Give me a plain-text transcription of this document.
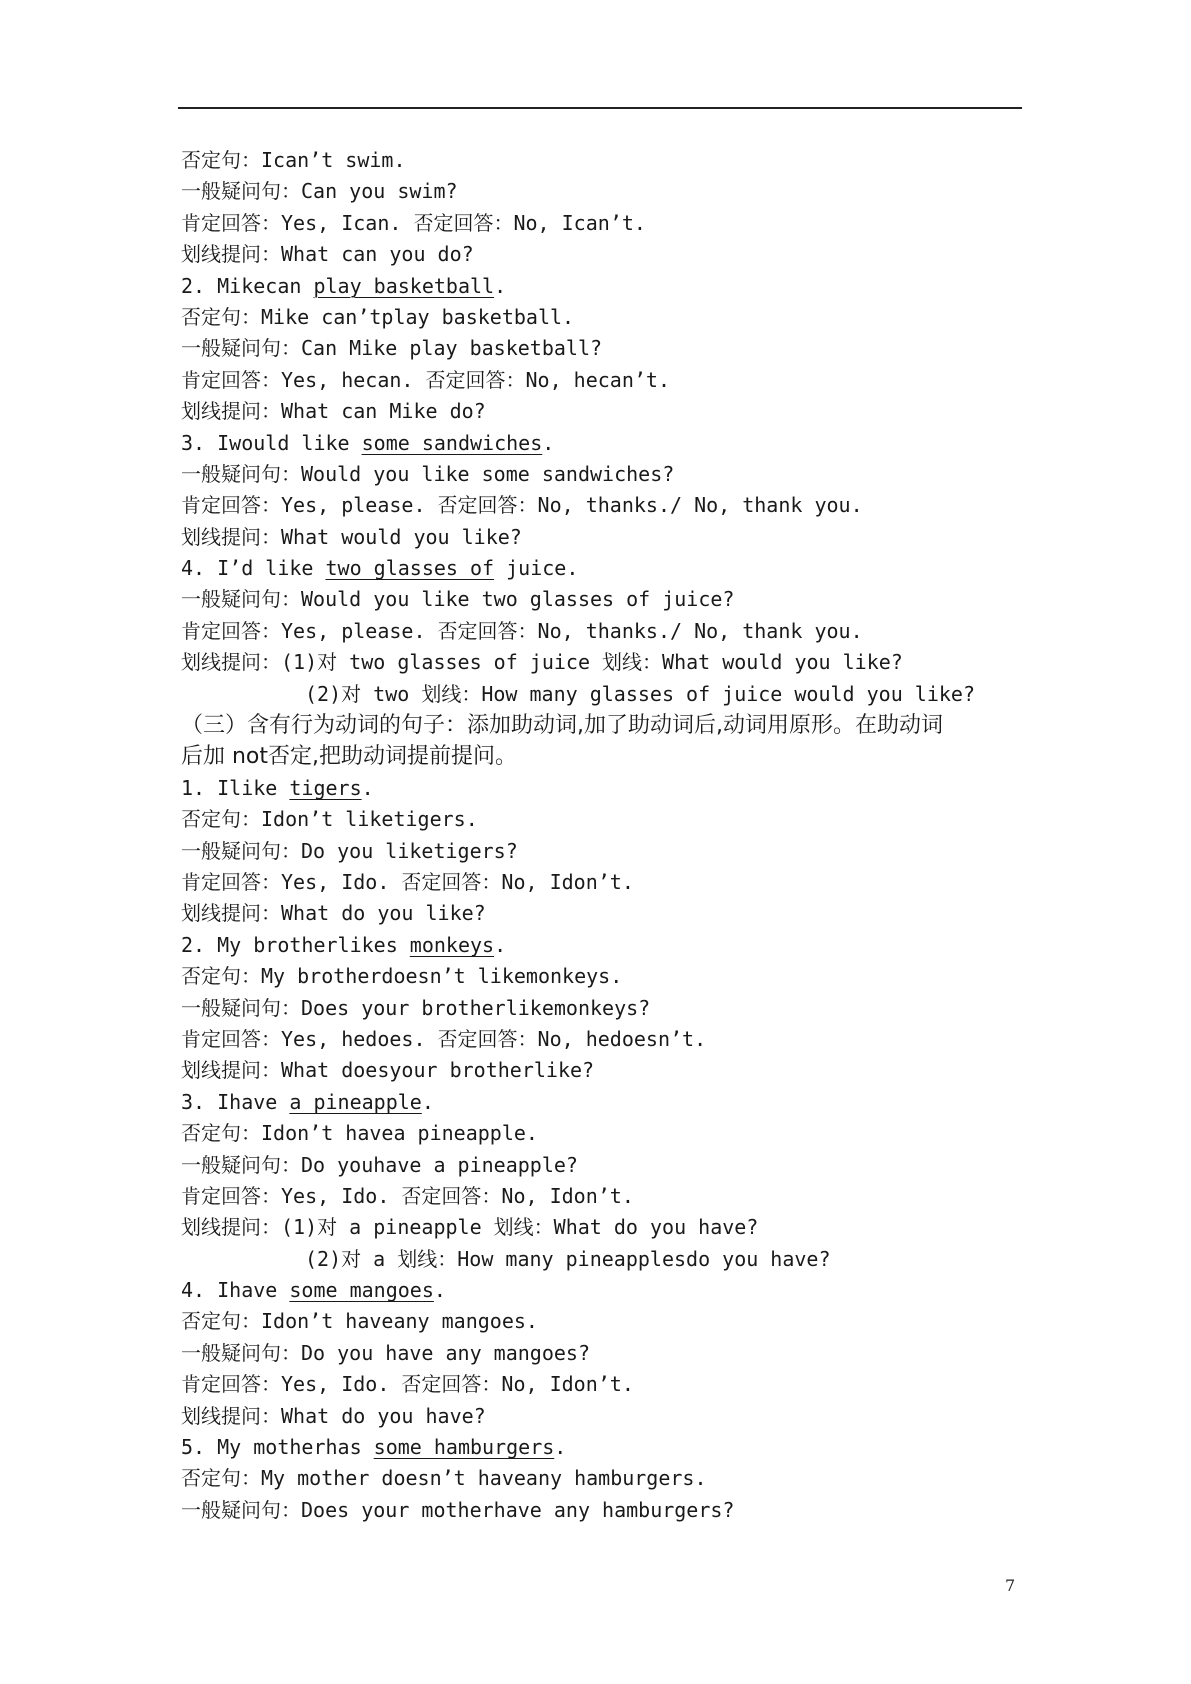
否定句：Ican’t swim.
一般疑问句：Can you swim?
肯定回答：Yes, Ican. 否定回答：No, Ican’t.
划线提问：What can you do?
2. Mikecan play basketball.
否定句：Mike can’tplay basketball.
一般疑问句：Can Mike play basketball?
肯定回答：Yes, hecan. 否定回答：No, hecan’t.
划线提问：What can Mike do?
3. Iwould like some sandwiches.
一般疑问句：Would you like some sandwiches?
肯定回答：Yes, please. 否定回答：No, thanks./ No, thank you.
划线提问：What would you like?
4. I’d like two glasses of juice.
一般疑问句：Would you like two glasses of juice?
肯定回答：Yes, please. 否定回答：No, thanks./ No, thank you.
划线提问：(1)对 two glasses of juice 划线：What would you like?
(2)对 two 划线：How many glasses of juice would you like?
（三）含有行为动词的句子：添加助动词,加了助动词后,动词用原形。在助动词
后加 not否定,把助动词提前提问。
1. Ilike tigers.
否定句：Idon’t liketigers.
一般疑问句：Do you liketigers?
肯定回答：Yes, Ido. 否定回答：No, Idon’t.
划线提问：What do you like?
2. My brotherlikes monkeys.
否定句：My brotherdoesn’t likemonkeys.
一般疑问句：Does your brotherlikemonkeys?
肯定回答：Yes, hedoes. 否定回答：No, hedoesn’t.
划线提问：What doesyour brotherlike?
3. Ihave a pineapple.
否定句：Idon’t havea pineapple.
一般疑问句：Do youhave a pineapple?
肯定回答：Yes, Ido. 否定回答：No, Idon’t.
划线提问：(1)对 a pineapple 划线：What do you have?
(2)对 a 划线：How many pineapplesdo you have?
4. Ihave some mangoes.
否定句：Idon’t haveany mangoes.
一般疑问句：Do you have any mangoes?
肯定回答：Yes, Ido. 否定回答：No, Idon’t.
划线提问：What do you have?
5. My motherhas some hamburgers.
否定句：My mother doesn’t haveany hamburgers.
一般疑问句：Does your motherhave any hamburgers?
7
